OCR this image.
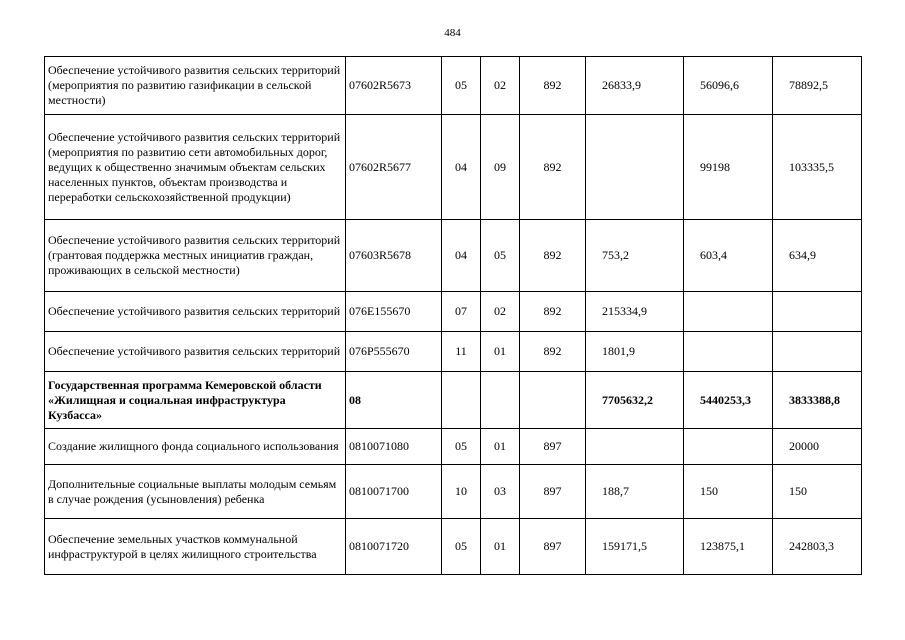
484
Обеспечение устойчивого развития сельских территорий (мероприятия по развитию газификации в сельской местности)	07602R5673	05	02	892	26833,9	56096,6	78892,5
Обеспечение устойчивого развития сельских территорий (мероприятия по развитию сети автомобильных дорог, ведущих к общественно значимым объектам сельских населенных пунктов, объектам производства и переработки сельскохозяйственной продукции)	07602R5677	04	09	892		99198	103335,5
Обеспечение устойчивого развития сельских территорий (грантовая поддержка местных инициатив граждан, проживающих в сельской местности)	07603R5678	04	05	892	753,2	603,4	634,9
Обеспечение устойчивого развития сельских территорий	076E155670	07	02	892	215334,9		
Обеспечение устойчивого развития сельских территорий	076P555670	11	01	892	1801,9		
Государственная программа Кемеровской области «Жилищная и социальная инфраструктура Кузбасса»	08				7705632,2	5440253,3	3833388,8
Создание жилищного фонда социального использования	0810071080	05	01	897			20000
Дополнительные социальные выплаты молодым семьям в случае рождения (усыновления) ребенка	0810071700	10	03	897	188,7	150	150
Обеспечение земельных участков коммунальной инфраструктурой в целях жилищного строительства	0810071720	05	01	897	159171,5	123875,1	242803,3
